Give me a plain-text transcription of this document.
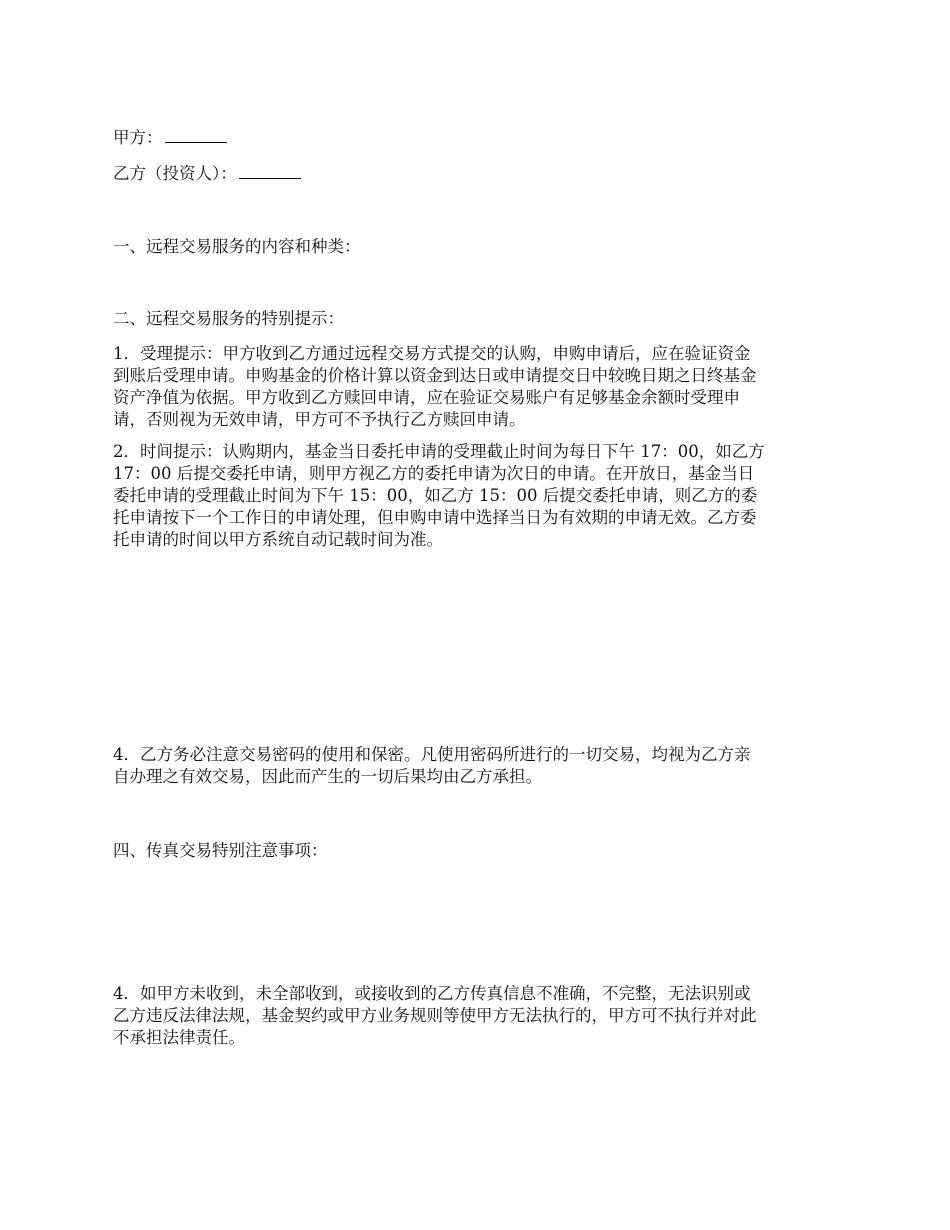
甲方：

乙方（投资人）：

一、远程交易服务的内容和种类：

二、远程交易服务的特别提示：

1．受理提示：甲方收到乙方通过远程交易方式提交的认购，申购申请后，应在验证资金
到账后受理申请。申购基金的价格计算以资金到达日或申请提交日中较晚日期之日终基金
资产净值为依据。甲方收到乙方赎回申请，应在验证交易账户有足够基金余额时受理申
请，否则视为无效申请，甲方可不予执行乙方赎回申请。
2．时间提示：认购期内，基金当日委托申请的受理截止时间为每日下午 17：00，如乙方
17：00 后提交委托申请，则甲方视乙方的委托申请为次日的申请。在开放日，基金当日
委托申请的受理截止时间为下午 15：00，如乙方 15：00 后提交委托申请，则乙方的委
托申请按下一个工作日的申请处理，但申购申请中选择当日为有效期的申请无效。乙方委
托申请的时间以甲方系统自动记载时间为准。
4．乙方务必注意交易密码的使用和保密。凡使用密码所进行的一切交易，均视为乙方亲
自办理之有效交易，因此而产生的一切后果均由乙方承担。

四、传真交易特别注意事项：

4．如甲方未收到，未全部收到，或接收到的乙方传真信息不准确，不完整，无法识别或
乙方违反法律法规，基金契约或甲方业务规则等使甲方无法执行的，甲方可不执行并对此
不承担法律责任。
